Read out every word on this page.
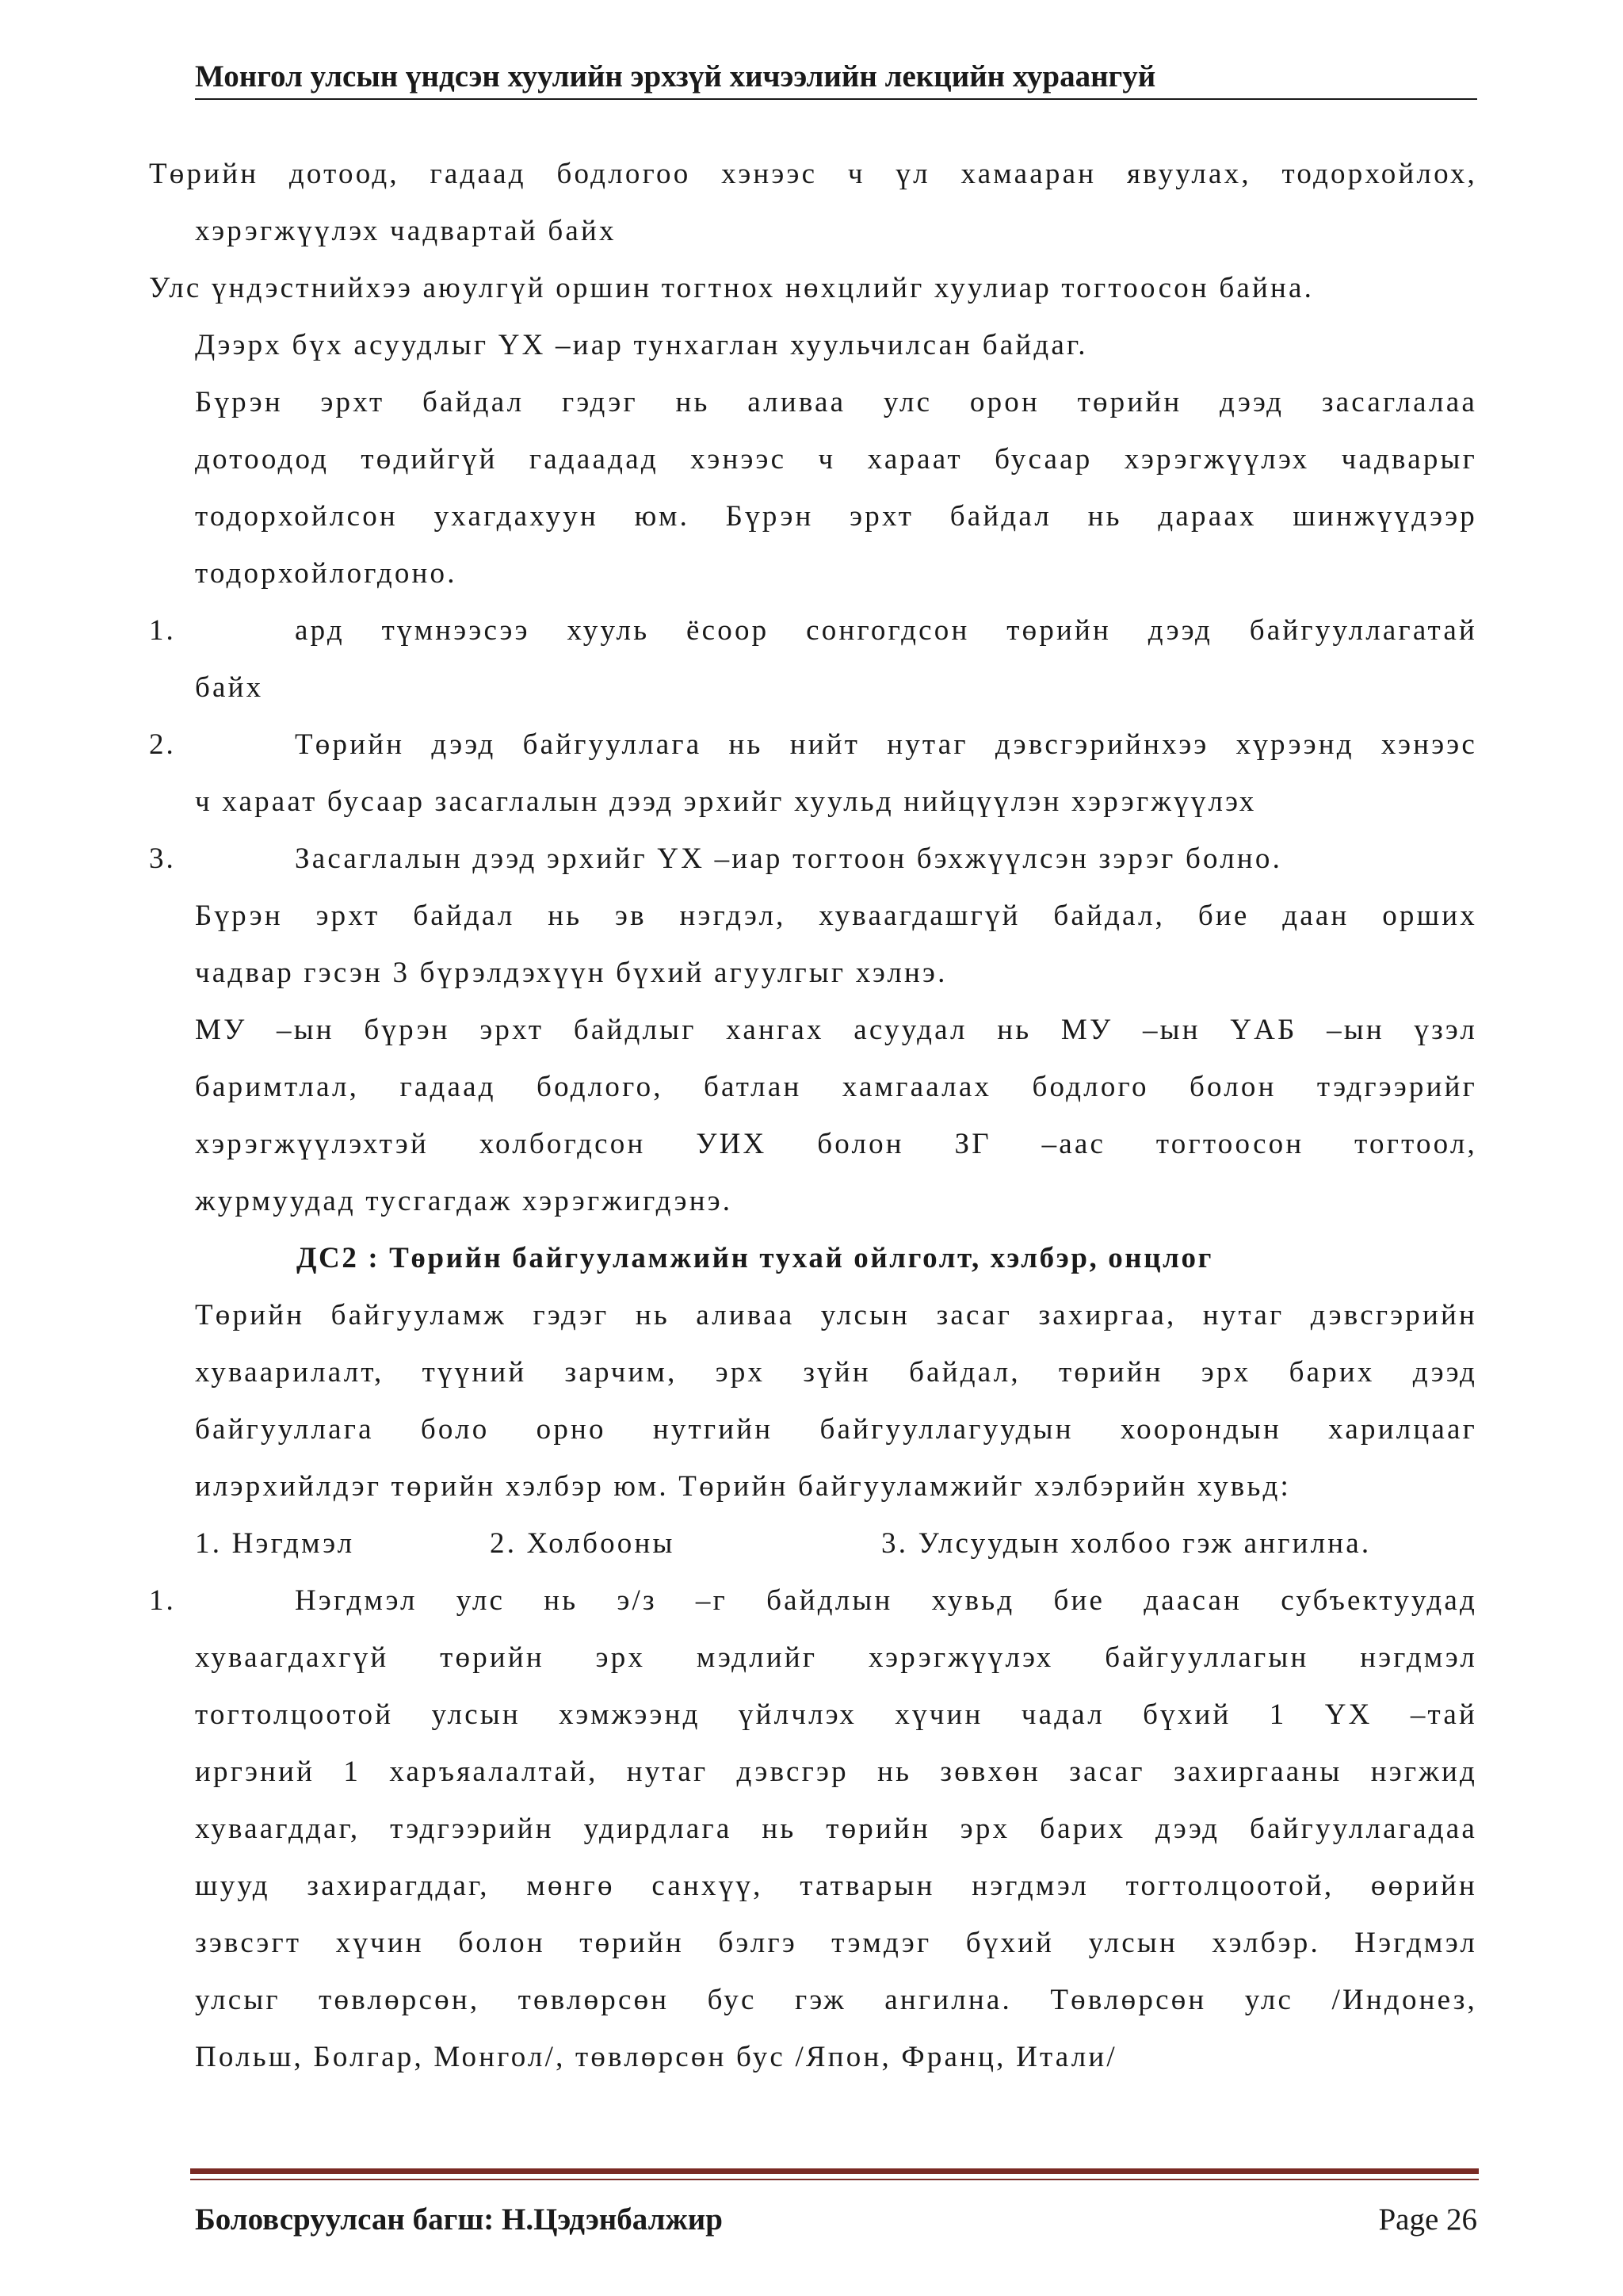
Монгол улсын үндсэн хуулийн эрхзүй хичээлийн лекцийн хураангуй
Төрийн дотоод, гадаад бодлогоо хэнээс ч үл хамааран явуулах, тодорхойлох,
хэрэгжүүлэх чадвартай байх
Улс үндэстнийхээ аюулгүй оршин тогтнох нөхцлийг хуулиар тогтоосон байна.
Дээрх бүх асуудлыг ҮХ –иар тунхаглан хуульчилсан байдаг.
Бүрэн эрхт байдал гэдэг нь аливаа улс орон төрийн дээд засаглалаа
дотоодод төдийгүй гадаадад хэнээс ч хараат бусаар хэрэгжүүлэх чадварыг
тодорхойлсон ухагдахуун юм. Бүрэн эрхт байдал нь дараах шинжүүдээр
тодорхойлогдоно.
1.	ард түмнээсээ хууль ёсоор сонгогдсон төрийн дээд байгууллагатай
байх
2.	Төрийн дээд байгууллага нь нийт нутаг дэвсгэрийнхээ хүрээнд хэнээс
ч хараат бусаар засаглалын дээд эрхийг хуульд нийцүүлэн хэрэгжүүлэх
3.	Засаглалын дээд эрхийг ҮХ –иар тогтоон бэхжүүлсэн зэрэг болно.
Бүрэн эрхт байдал нь эв нэгдэл, хуваагдашгүй байдал, бие даан орших
чадвар гэсэн 3 бүрэлдэхүүн бүхий агуулгыг хэлнэ.
МУ –ын бүрэн эрхт байдлыг хангах асуудал нь МУ –ын ҮАБ –ын үзэл
баримтлал, гадаад бодлого, батлан хамгаалах бодлого болон тэдгээрийг
хэрэгжүүлэхтэй холбогдсон УИХ болон ЗГ –аас тогтоосон тогтоол,
журмуудад тусгагдаж хэрэгжигдэнэ.
ДС2 : Төрийн байгууламжийн тухай ойлголт, хэлбэр, онцлог
Төрийн байгууламж гэдэг нь аливаа улсын засаг захиргаа, нутаг дэвсгэрийн
хуваарилалт, түүний зарчим, эрх зүйн байдал, төрийн эрх барих дээд
байгууллага боло орно нутгийн байгууллагуудын хоорондын харилцааг
илэрхийлдэг төрийн хэлбэр юм. Төрийн байгууламжийг хэлбэрийн хувьд:
1. Нэгдмэл	2. Холбооны	3. Улсуудын холбоо гэж ангилна.
1.	Нэгдмэл улс нь э/з –г байдлын хувьд бие даасан субъектуудад
хуваагдахгүй төрийн эрх мэдлийг хэрэгжүүлэх байгууллагын нэгдмэл
тогтолцоотой улсын хэмжээнд үйлчлэх хүчин чадал бүхий 1 ҮХ –тай
иргэний 1 харъяалалтай, нутаг дэвсгэр нь зөвхөн засаг захиргааны нэгжид
хуваагддаг, тэдгээрийн удирдлага нь төрийн эрх барих дээд байгууллагадаа
шууд захирагддаг, мөнгө санхүү, татварын нэгдмэл тогтолцоотой, өөрийн
зэвсэгт хүчин болон төрийн бэлгэ тэмдэг бүхий улсын хэлбэр. Нэгдмэл
улсыг төвлөрсөн, төвлөрсөн бус гэж ангилна. Төвлөрсөн улс /Индонез,
Польш, Болгар, Монгол/, төвлөрсөн бус /Япон, Франц, Итали/
Боловсруулсан багш: Н.Цэдэнбалжир	Page 26
